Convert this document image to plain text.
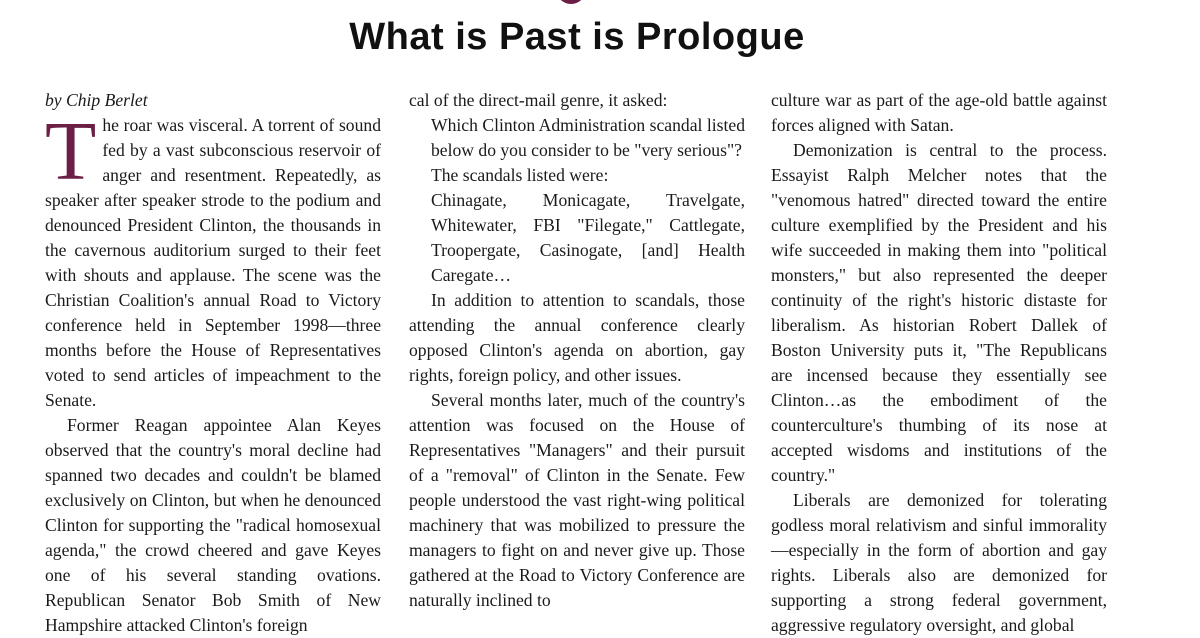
What is Past is Prologue

by Chip Berlet

The roar was visceral. A torrent of sound fed by a vast subconscious reservoir of anger and resentment. Repeatedly, as speaker after speaker strode to the podium and denounced President Clinton, the thousands in the cavernous auditorium surged to their feet with shouts and applause. The scene was the Christian Coalition's annual Road to Victory conference held in September 1998—three months before the House of Representatives voted to send articles of impeachment to the Senate.

Former Reagan appointee Alan Keyes observed that the country's moral decline had spanned two decades and couldn't be blamed exclusively on Clinton, but when he denounced Clinton for supporting the "radical homosexual agenda," the crowd cheered and gave Keyes one of his several standing ovations. Republican Senator Bob Smith of New Hampshire attacked Clinton's foreign

cal of the direct-mail genre, it asked:

Which Clinton Administration scandal listed below do you consider to be "very serious"?

The scandals listed were:

Chinagate, Monicagate, Travelgate, Whitewater, FBI "Filegate," Cattlegate, Troopergate, Casinogate, [and] Health Caregate…

In addition to attention to scandals, those attending the annual conference clearly opposed Clinton's agenda on abortion, gay rights, foreign policy, and other issues.

Several months later, much of the country's attention was focused on the House of Representatives "Managers" and their pursuit of a "removal" of Clinton in the Senate. Few people understood the vast right-wing political machinery that was mobilized to pressure the managers to fight on and never give up. Those gathered at the Road to Victory Conference are naturally inclined to

culture war as part of the age-old battle against forces aligned with Satan.

Demonization is central to the process. Essayist Ralph Melcher notes that the "venomous hatred" directed toward the entire culture exemplified by the President and his wife succeeded in making them into "political monsters," but also represented the deeper continuity of the right's historic distaste for liberalism. As historian Robert Dallek of Boston University puts it, "The Republicans are incensed because they essentially see Clinton…as the embodiment of the counterculture's thumbing of its nose at accepted wisdoms and institutions of the country."

Liberals are demonized for tolerating godless moral relativism and sinful immorality—especially in the form of abortion and gay rights. Liberals also are demonized for supporting a strong federal government, aggressive regulatory oversight, and global
